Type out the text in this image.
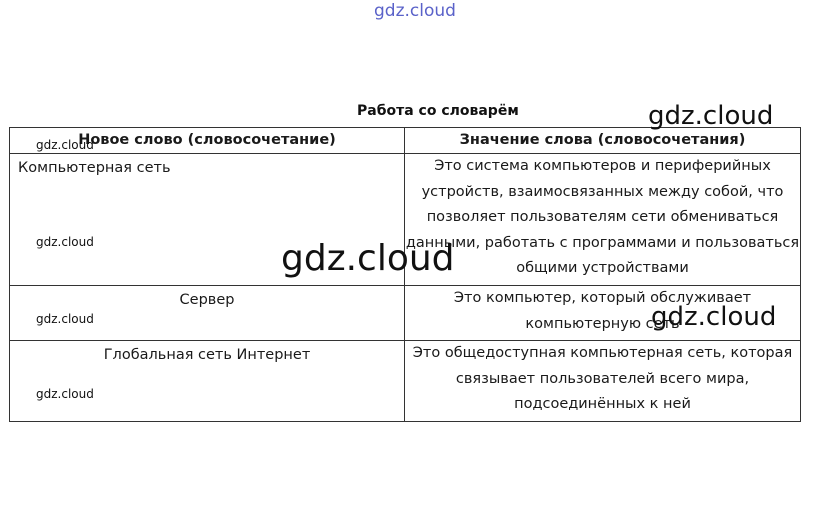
gdz.cloud
Работа со словарём
Новое слово (словосочетание)	Значение слова (словосочетания)
Компьютерная сеть	Это система компьютеров и периферийных устройств, взаимосвязанных между собой, что позволяет пользователям сети обмениваться данными, работать с программами и пользоваться общими устройствами
Сервер	Это компьютер, который обслуживает компьютерную сеть
Глобальная сеть Интернет	Это общедоступная компьютерная сеть, которая связывает пользователей всего мира, подсоединённых к ней
gdz.cloud
gdz.cloud
gdz.cloud
gdz.cloud
gdz.cloud
gdz.cloud
gdz.cloud
